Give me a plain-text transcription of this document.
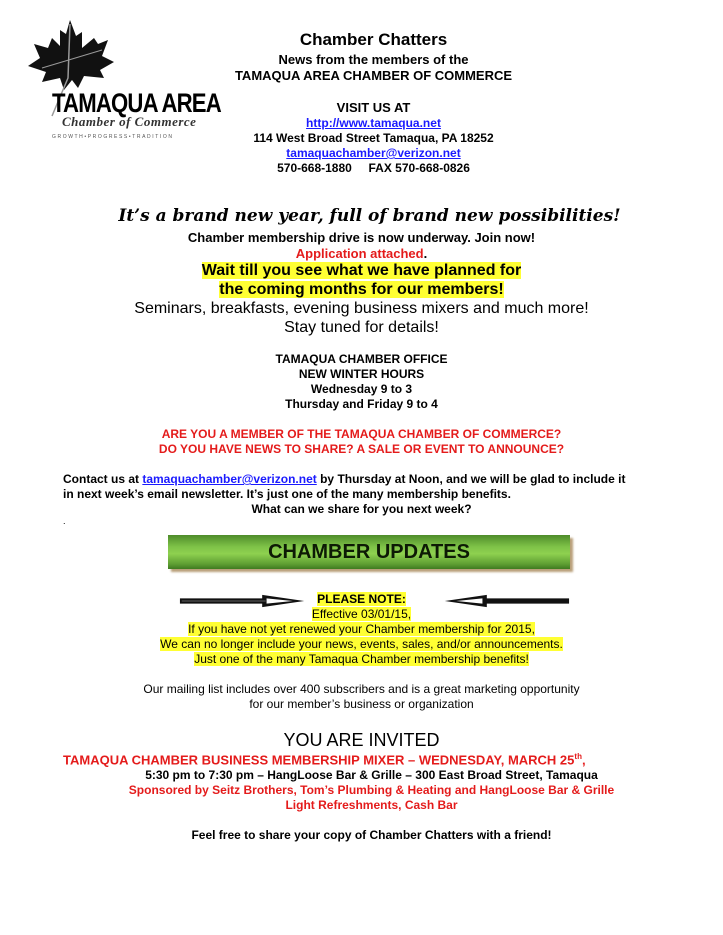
TAMAQUA AREA
Chamber of Commerce
GROWTH•PROGRESS•TRADITION
Chamber Chatters
News from the members of the
TAMAQUA AREA CHAMBER OF COMMERCE
VISIT US AT
http://www.tamaqua.net
114 West Broad Street Tamaqua, PA 18252
tamaquachamber@verizon.net
570-668-1880 FAX 570-668-0826
It’s a brand new year, full of brand new possibilities!
Chamber membership drive is now underway. Join now!
Application attached.
Wait till you see what we have planned for
the coming months for our members!
Seminars, breakfasts, evening business mixers and much more!
Stay tuned for details!
TAMAQUA CHAMBER OFFICE
NEW WINTER HOURS
Wednesday 9 to 3
Thursday and Friday 9 to 4
ARE YOU A MEMBER OF THE TAMAQUA CHAMBER OF COMMERCE?
DO YOU HAVE NEWS TO SHARE? A SALE OR EVENT TO ANNOUNCE?
Contact us at tamaquachamber@verizon.net by Thursday at Noon, and we will be glad to include it
in next week’s email newsletter. It’s just one of the many membership benefits.
What can we share for you next week?
.
CHAMBER UPDATES
PLEASE NOTE:
Effective 03/01/15,
If you have not yet renewed your Chamber membership for 2015,
We can no longer include your news, events, sales, and/or announcements.
Just one of the many Tamaqua Chamber membership benefits!
Our mailing list includes over 400 subscribers and is a great marketing opportunity
for our member’s business or organization
YOU ARE INVITED
TAMAQUA CHAMBER BUSINESS MEMBERSHIP MIXER – WEDNESDAY, MARCH 25th,
5:30 pm to 7:30 pm – HangLoose Bar & Grille – 300 East Broad Street, Tamaqua
Sponsored by Seitz Brothers, Tom’s Plumbing & Heating and HangLoose Bar & Grille
Light Refreshments, Cash Bar
Feel free to share your copy of Chamber Chatters with a friend!
